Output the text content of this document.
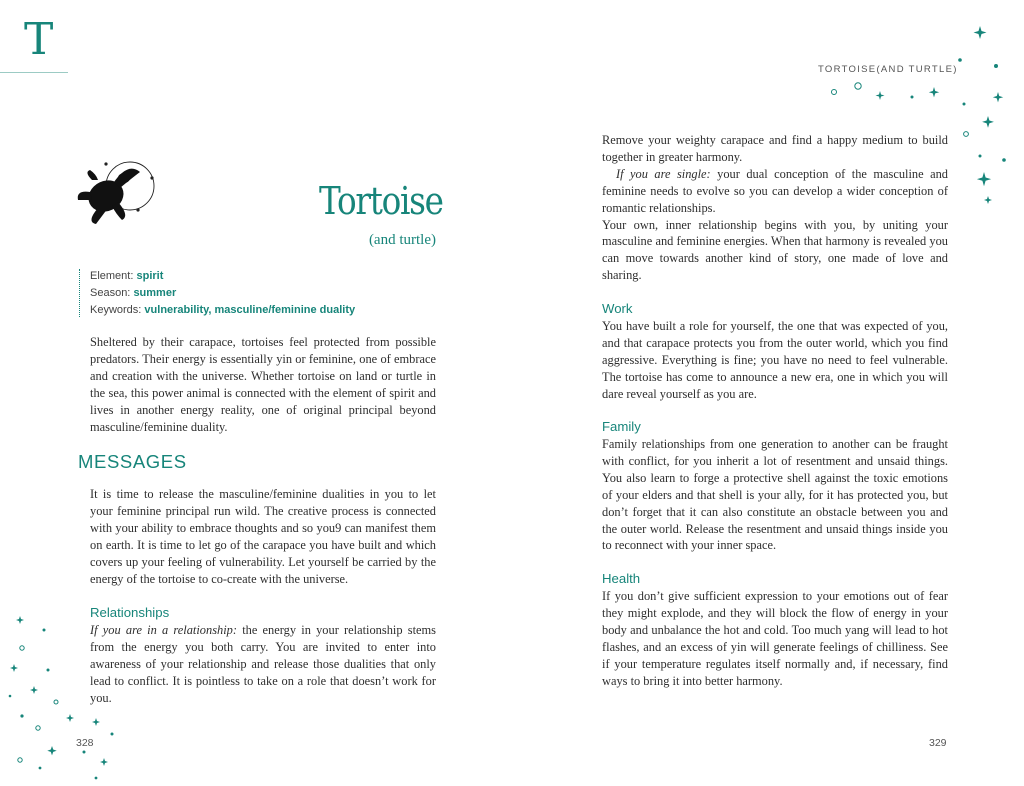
T
TORTOISE(AND TURTLE)
Tortoise
(and turtle)
Element: spirit
Season: summer
Keywords: vulnerability, masculine/feminine duality

Sheltered by their carapace, tortoises feel protected from possible predators. Their energy is essentially yin or feminine, one of embrace and creation with the universe. Whether tortoise on land or turtle in the sea, this power animal is connected with the element of spirit and lives in another energy reality, one of original principal beyond masculine/feminine duality.

MESSAGES

It is time to release the masculine/feminine dualities in you to let your feminine principal run wild. The creative process is connected with your ability to embrace thoughts and so you9 can manifest them on earth. It is time to let go of the carapace you have built and which covers up your feeling of vulnerability. Let yourself be carried by the energy of the tortoise to co-create with the universe.

Relationships

If you are in a relationship: the energy in your relationship stems from the energy you both carry. You are invited to enter into awareness of your relationship and release those dualities that only lead to conflict. It is pointless to take on a role that doesn’t work for you.

Remove your weighty carapace and find a happy medium to build together in greater harmony.

If you are single: your dual conception of the masculine and feminine needs to evolve so you can develop a wider conception of romantic relationships.

Your own, inner relationship begins with you, by uniting your masculine and feminine energies. When that harmony is revealed you can move towards another kind of story, one made of love and sharing.

Work

You have built a role for yourself, the one that was expected of you, and that carapace protects you from the outer world, which you find aggressive. Everything is fine; you have no need to feel vulnerable. The tortoise has come to announce a new era, one in which you will dare reveal yourself as you are.

Family

Family relationships from one generation to another can be fraught with conflict, for you inherit a lot of resentment and unsaid things. You also learn to forge a protective shell against the toxic emotions of your elders and that shell is your ally, for it has protected you, but don’t forget that it can also constitute an obstacle between you and the outer world. Release the resentment and unsaid things inside you to reconnect with your inner space.

Health

If you don’t give sufficient expression to your emotions out of fear they might explode, and they will block the flow of energy in your body and unbalance the hot and cold. Too much yang will lead to hot flashes, and an excess of yin will generate feelings of chilliness. See if your temperature regulates itself normally and, if necessary, find ways to bring it into better harmony.

328	329
